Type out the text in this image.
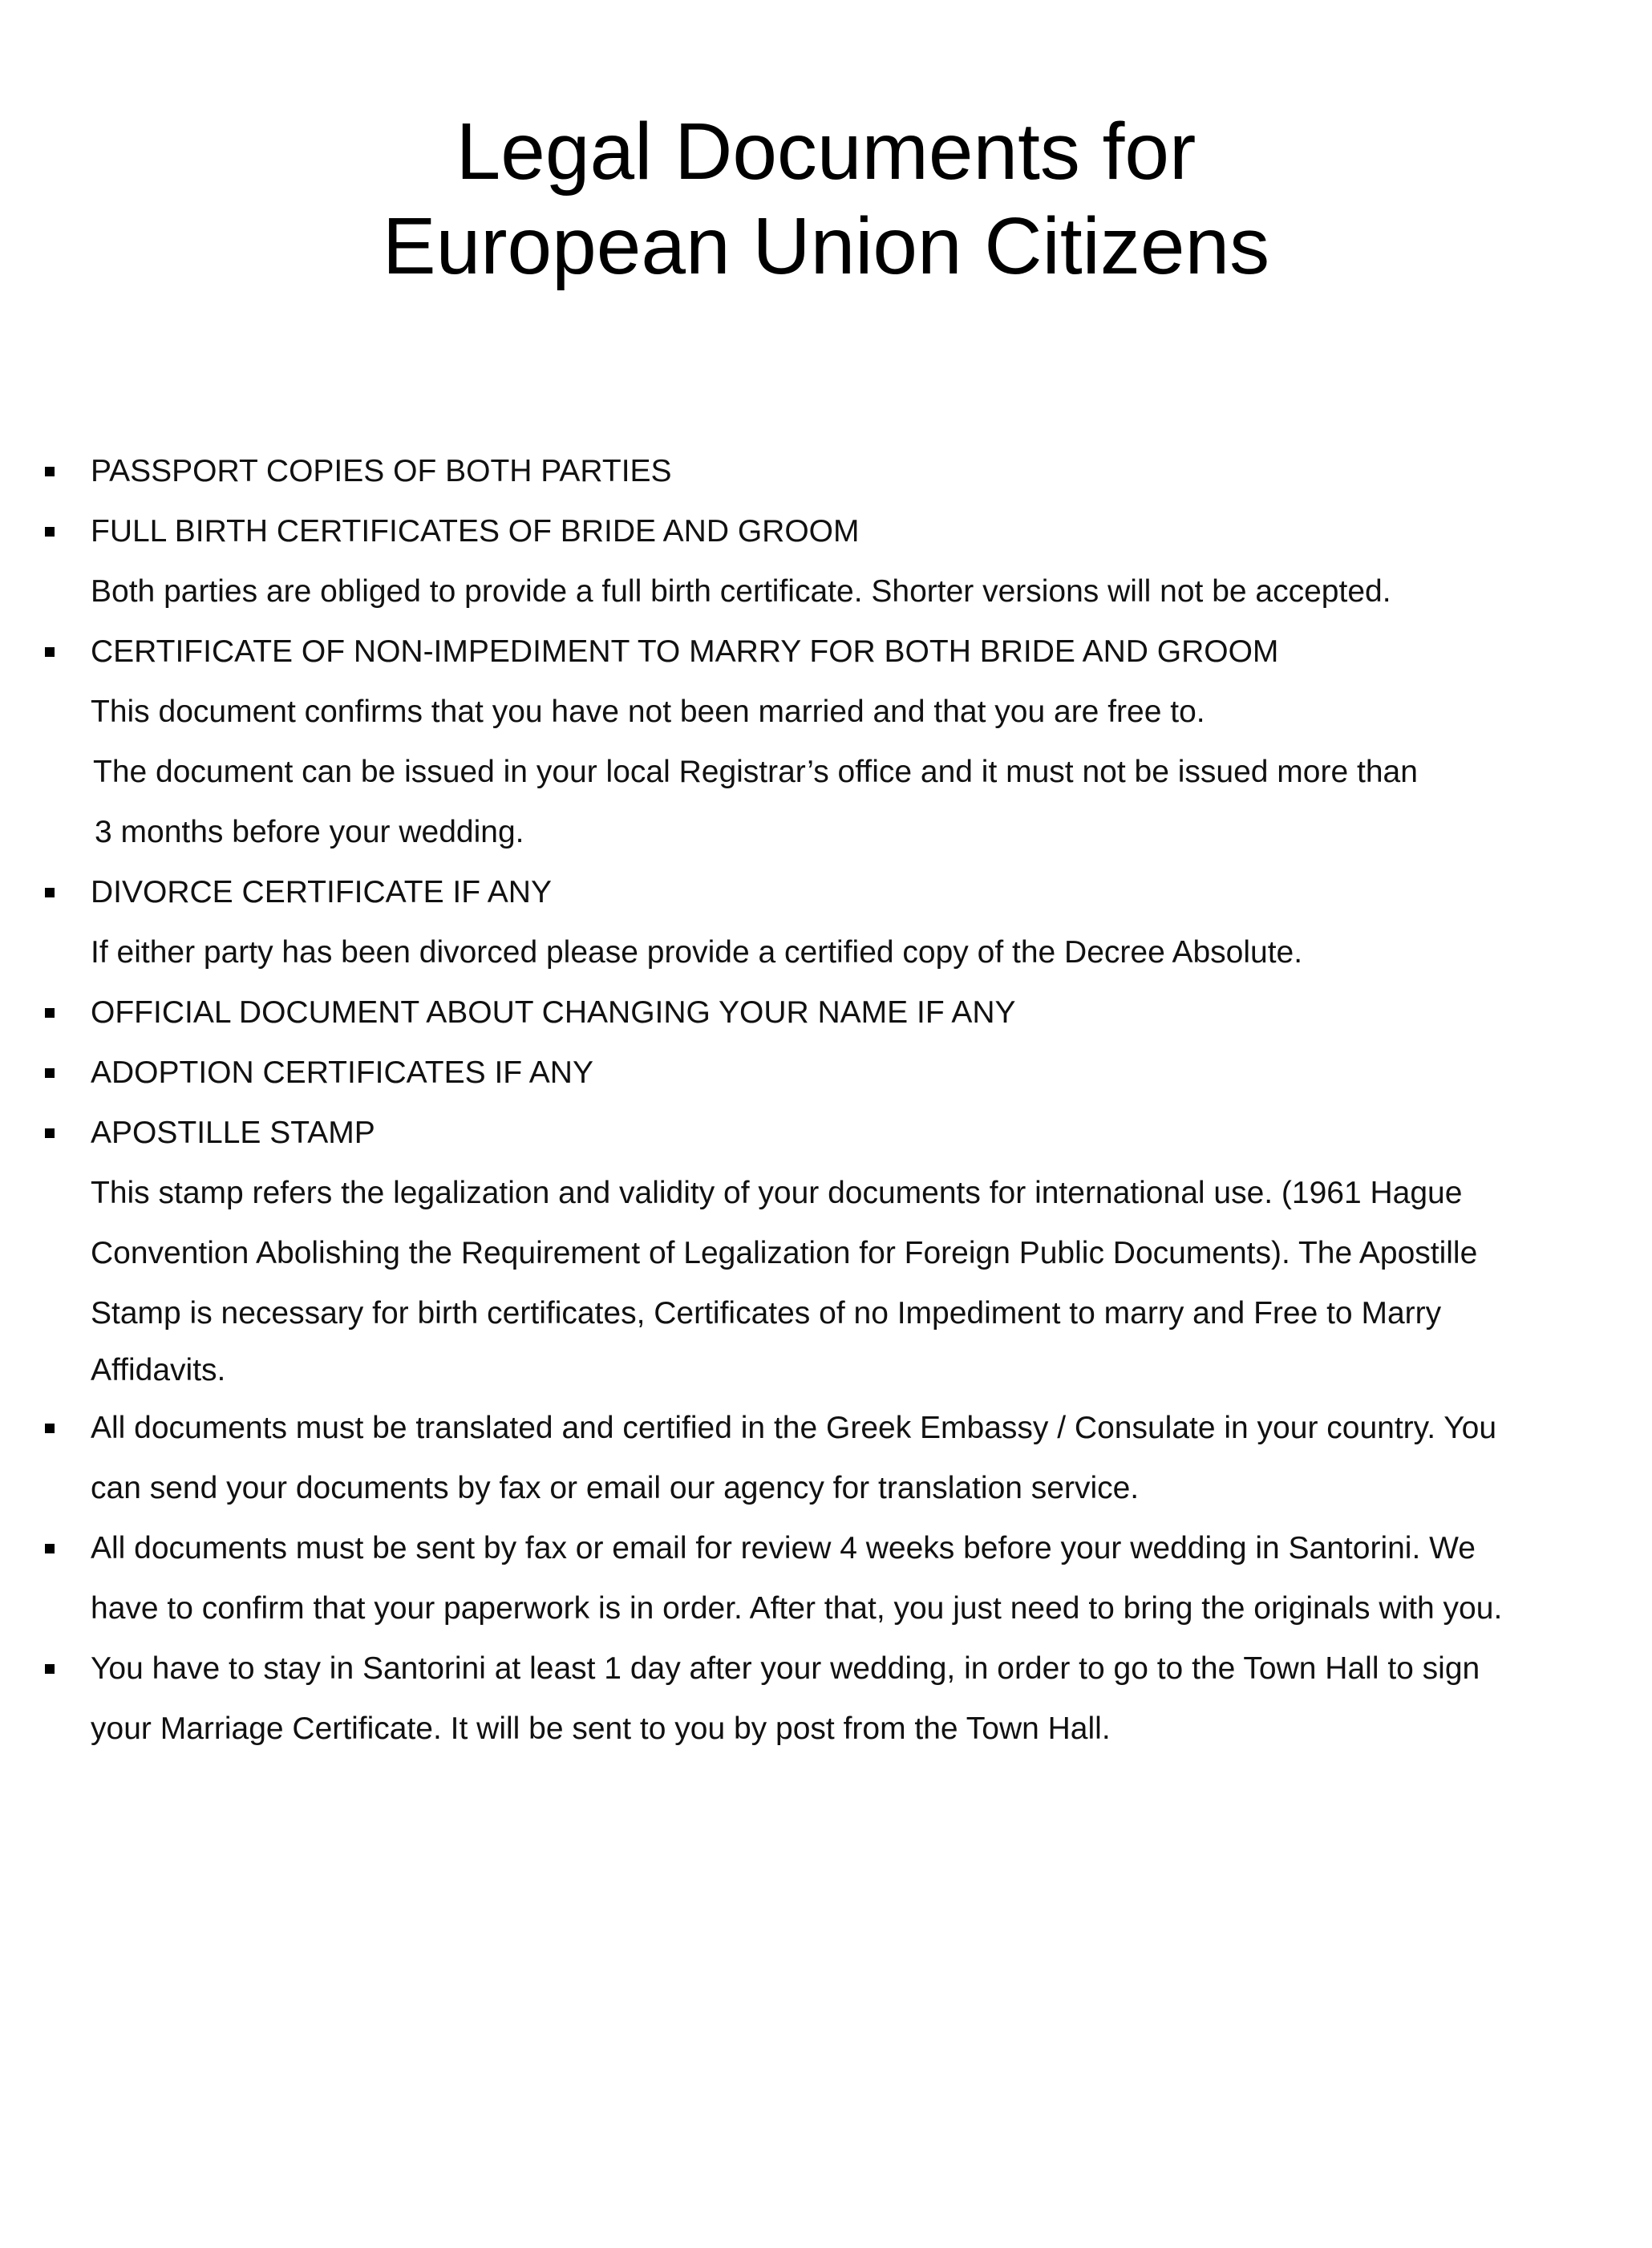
Legal Documents for
European Union Citizens
PASSPORT COPIES OF BOTH PARTIES
FULL BIRTH CERTIFICATES OF BRIDE AND GROOM
Both parties are obliged to provide a full birth certificate. Shorter versions will not be accepted.
CERTIFICATE OF NON-IMPEDIMENT TO MARRY FOR BOTH BRIDE AND GROOM
This document confirms that you have not been married and that you are free to.
The document can be issued in your local Registrar’s office and it must not be issued more than
3 months before your wedding.
DIVORCE CERTIFICATE IF ANY
If either party has been divorced please provide a certified copy of the Decree Absolute.
OFFICIAL DOCUMENT ABOUT CHANGING YOUR NAME IF ANY
ADOPTION CERTIFICATES IF ANY
APOSTILLE STAMP
This stamp refers the legalization and validity of your documents for international use. (1961 Hague
Convention Abolishing the Requirement of Legalization for Foreign Public Documents). The Apostille
Stamp is necessary for birth certificates, Certificates of no Impediment to marry and Free to Marry
Affidavits.
All documents must be translated and certified in the Greek Embassy / Consulate in your country. You
can send your documents by fax or email our agency for translation service.
All documents must be sent by fax or email for review 4 weeks before your wedding in Santorini. We
have to confirm that your paperwork is in order. After that, you just need to bring the originals with you.
You have to stay in Santorini at least 1 day after your wedding, in order to go to the Town Hall to sign
your Marriage Certificate. It will be sent to you by post from the Town Hall.
